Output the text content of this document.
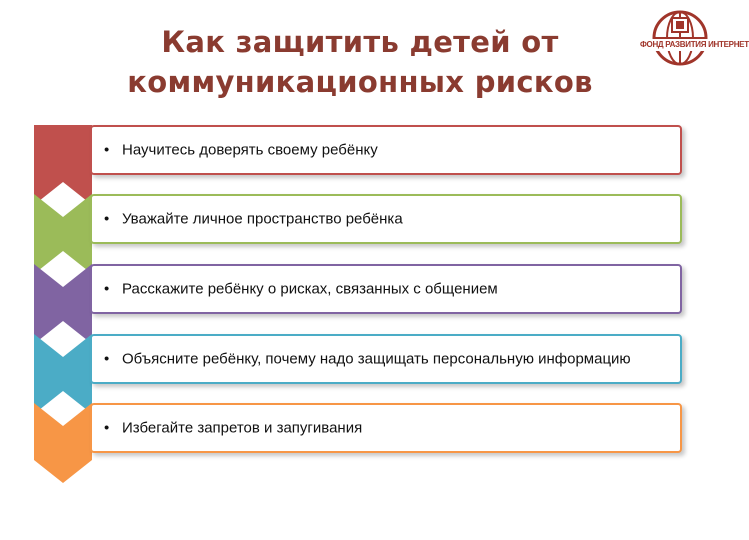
Как защитить детей от
коммуникационных рисков
ФОНД РАЗВИТИЯ ИНТЕРНЕТ
• Научитесь доверять своему ребёнку
• Уважайте личное пространство ребёнка
• Расскажите ребёнку о рисках, связанных с общением
• Объясните ребёнку, почему надо защищать персональную информацию
• Избегайте запретов и запугивания
